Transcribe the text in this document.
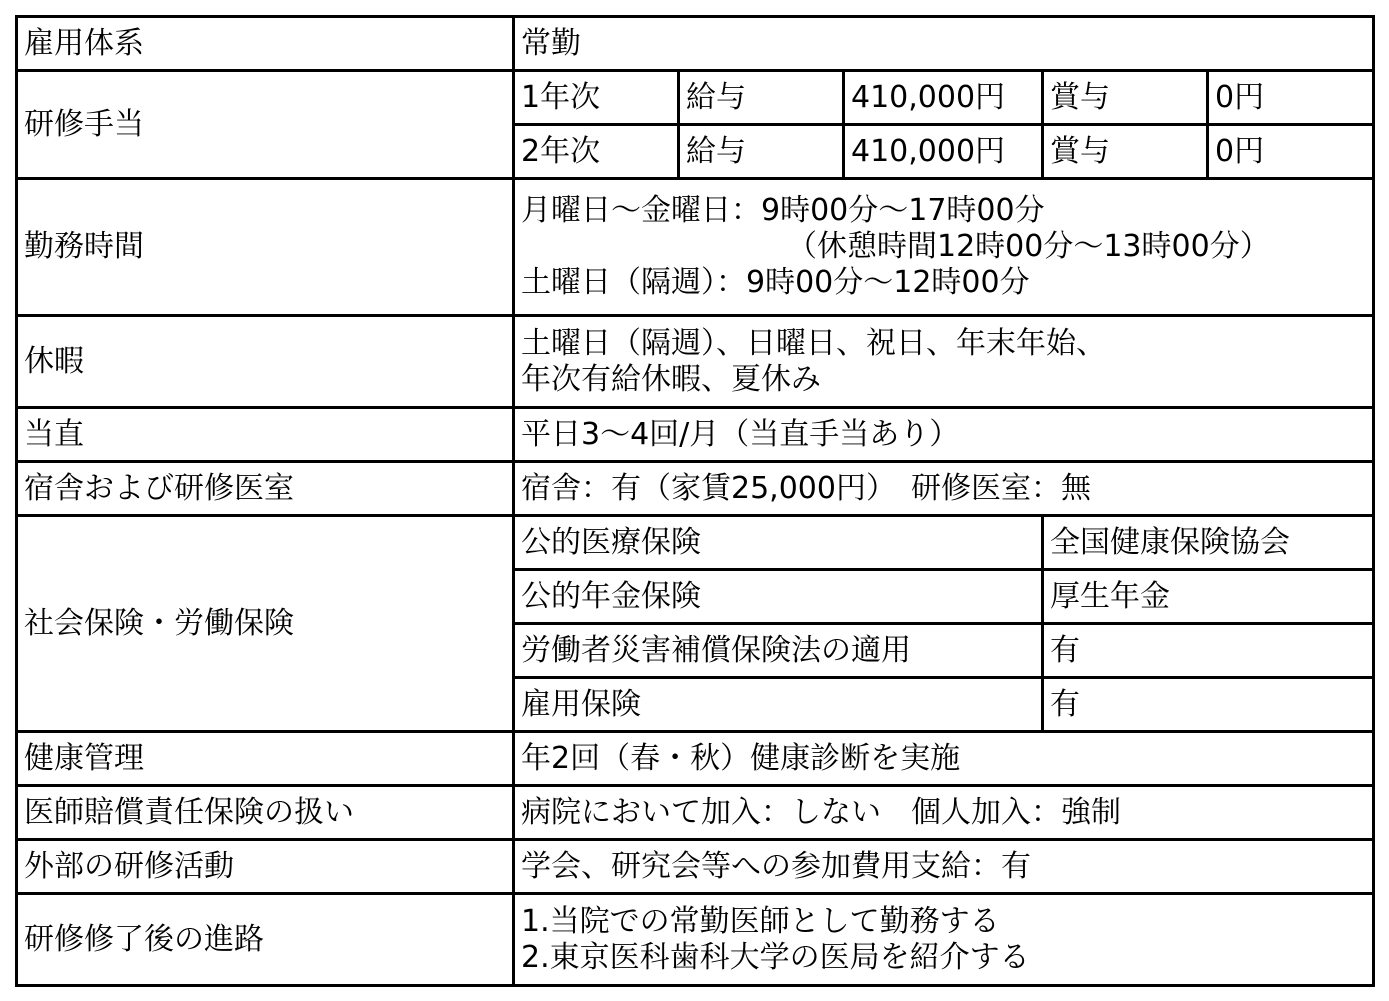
雇用体系	常勤				
研修手当	1年次	給与	410,000円	賞与	0円
	2年次	給与	410,000円	賞与	0円
勤務時間	月曜日～金曜日：9時00分～17時00分
（休憩時間12時00分～13時00分）
土曜日（隔週）：9時00分～12時00分				

休暇	土曜日（隔週）、日曜日、祝日、年末年始、
年次有給休暇、夏休み				

当直	平日3～4回/月（当直手当あり）				
宿舎および研修医室	宿舎：有（家賃25,000円）　研修医室：無				
社会保険・労働保険	公的医療保険			全国健康保険協会	
	公的年金保険			厚生年金	
	労働者災害補償保険法の適用			有	
	雇用保険			有	
健康管理	年2回（春・秋）健康診断を実施				
医師賠償責任保険の扱い	病院において加入：しない　個人加入：強制				
外部の研修活動	学会、研究会等への参加費用支給：有				
研修修了後の進路	1.当院での常勤医師として勤務する
2.東京医科歯科大学の医局を紹介する				
